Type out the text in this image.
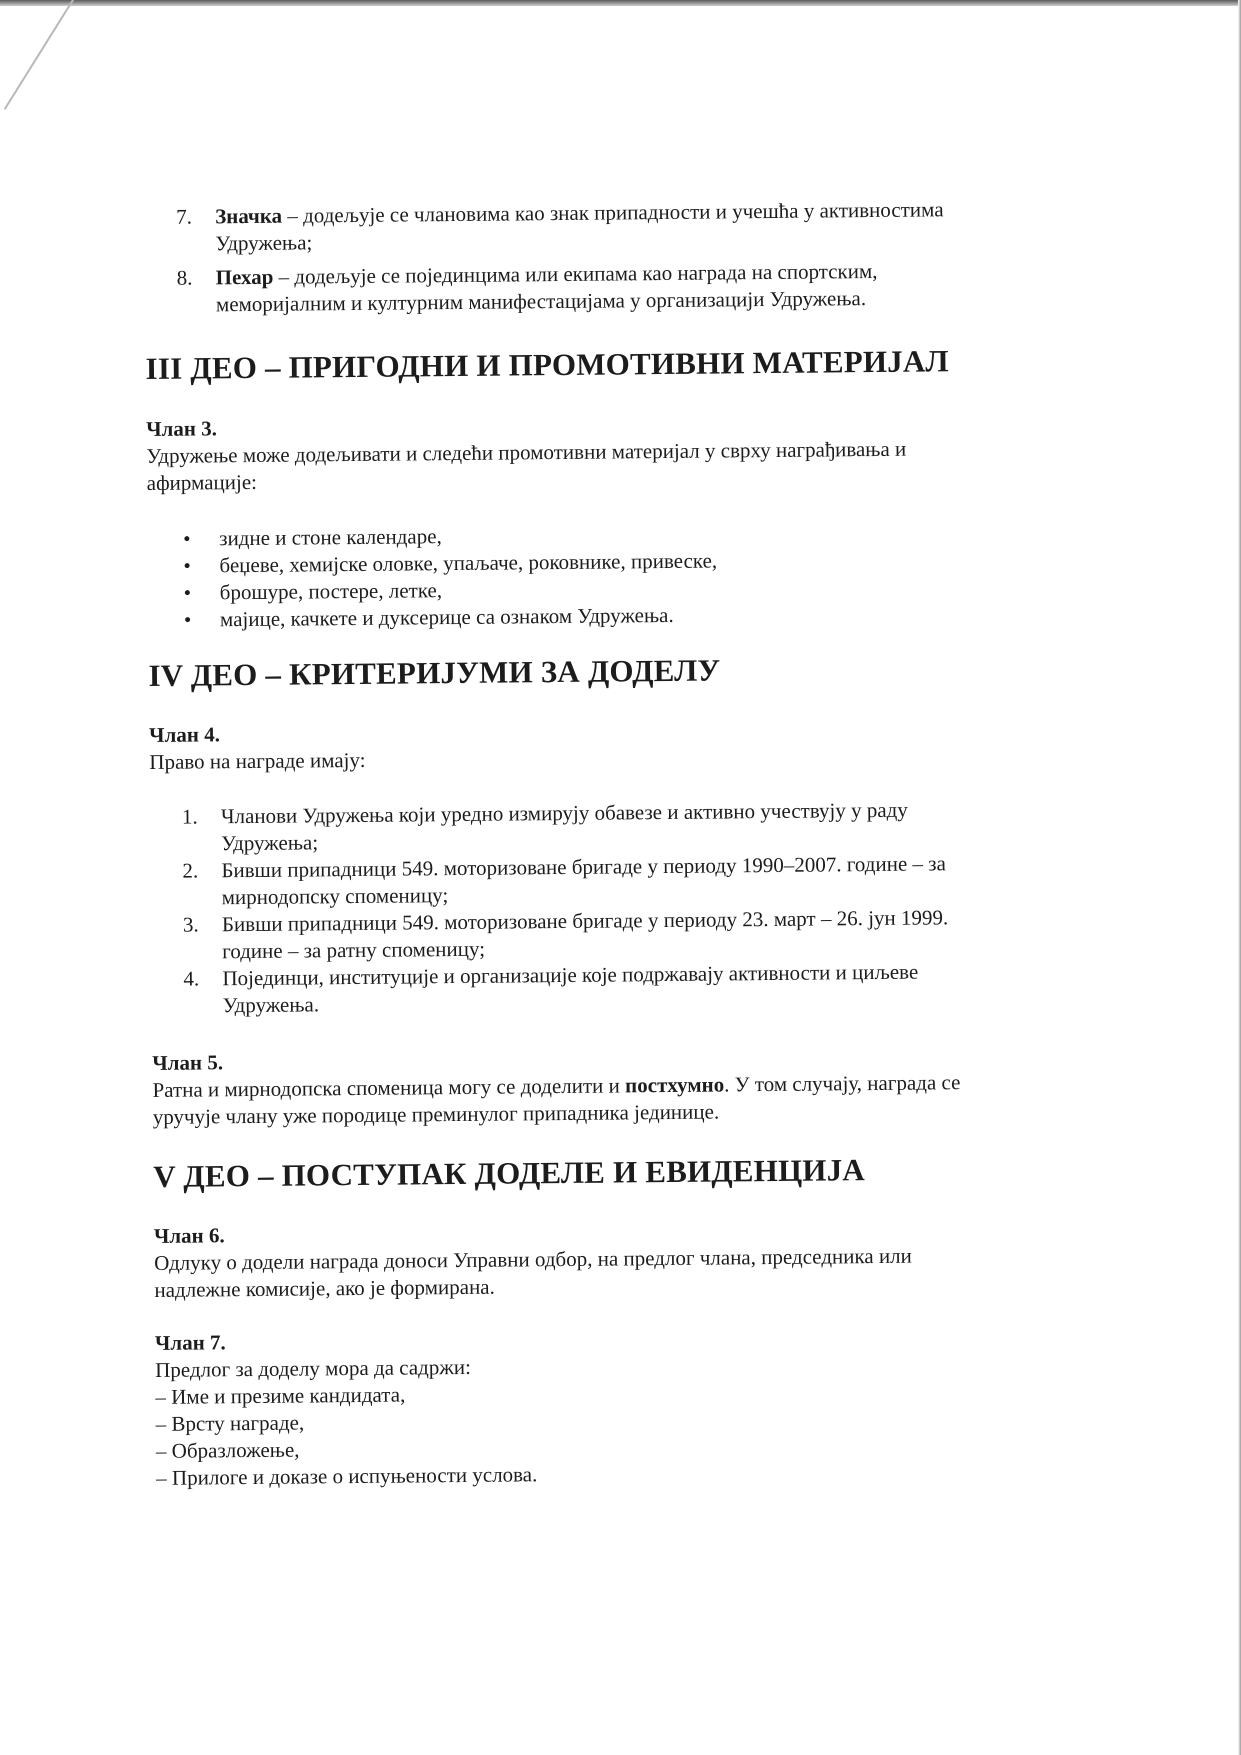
7. Значка – додељује се члановима као знак припадности и учешћа у активностима
Удружења;
8. Пехар – додељује се појединцима или екипама као награда на спортским,
меморијалним и културним манифестацијама у организацији Удружења.
III ДЕО – ПРИГОДНИ И ПРОМОТИВНИ МАТЕРИЈАЛ

Члан 3.

Удружење може додељивати и следећи промотивни материјал у сврху награђивања и
афирмације:

• зидне и стоне календаре,
• беџеве, хемијске оловке, упаљаче, роковнике, привеске,
• брошуре, постере, летке,
• мајице, качкете и дуксерице са ознаком Удружења.
IV ДЕО – КРИТЕРИЈУМИ ЗА ДОДЕЛУ

Члан 4.

Право на награде имају:

1. Чланови Удружења који уредно измирују обавезе и активно учествују у раду
Удружења;
2. Бивши припадници 549. моторизоване бригаде у периоду 1990–2007. године – за
мирнодопску споменицу;
3. Бивши припадници 549. моторизоване бригаде у периоду 23. март – 26. јун 1999.
године – за ратну споменицу;
4. Појединци, институције и организације које подржавају активности и циљеве
Удружења.

Члан 5.

Ратна и мирнодопска споменица могу се доделити и постхумно. У том случају, награда се
уручује члану уже породице преминулог припадника јединице.

V ДЕО – ПОСТУПАК ДОДЕЛЕ И ЕВИДЕНЦИЈА

Члан 6.

Одлуку о додели награда доноси Управни одбор, на предлог члана, председника или
надлежне комисије, ако је формирана.

Члан 7.

Предлог за доделу мора да садржи:
– Име и презиме кандидата,
– Врсту награде,
– Образложење,
– Прилоге и доказе о испуњености услова.
